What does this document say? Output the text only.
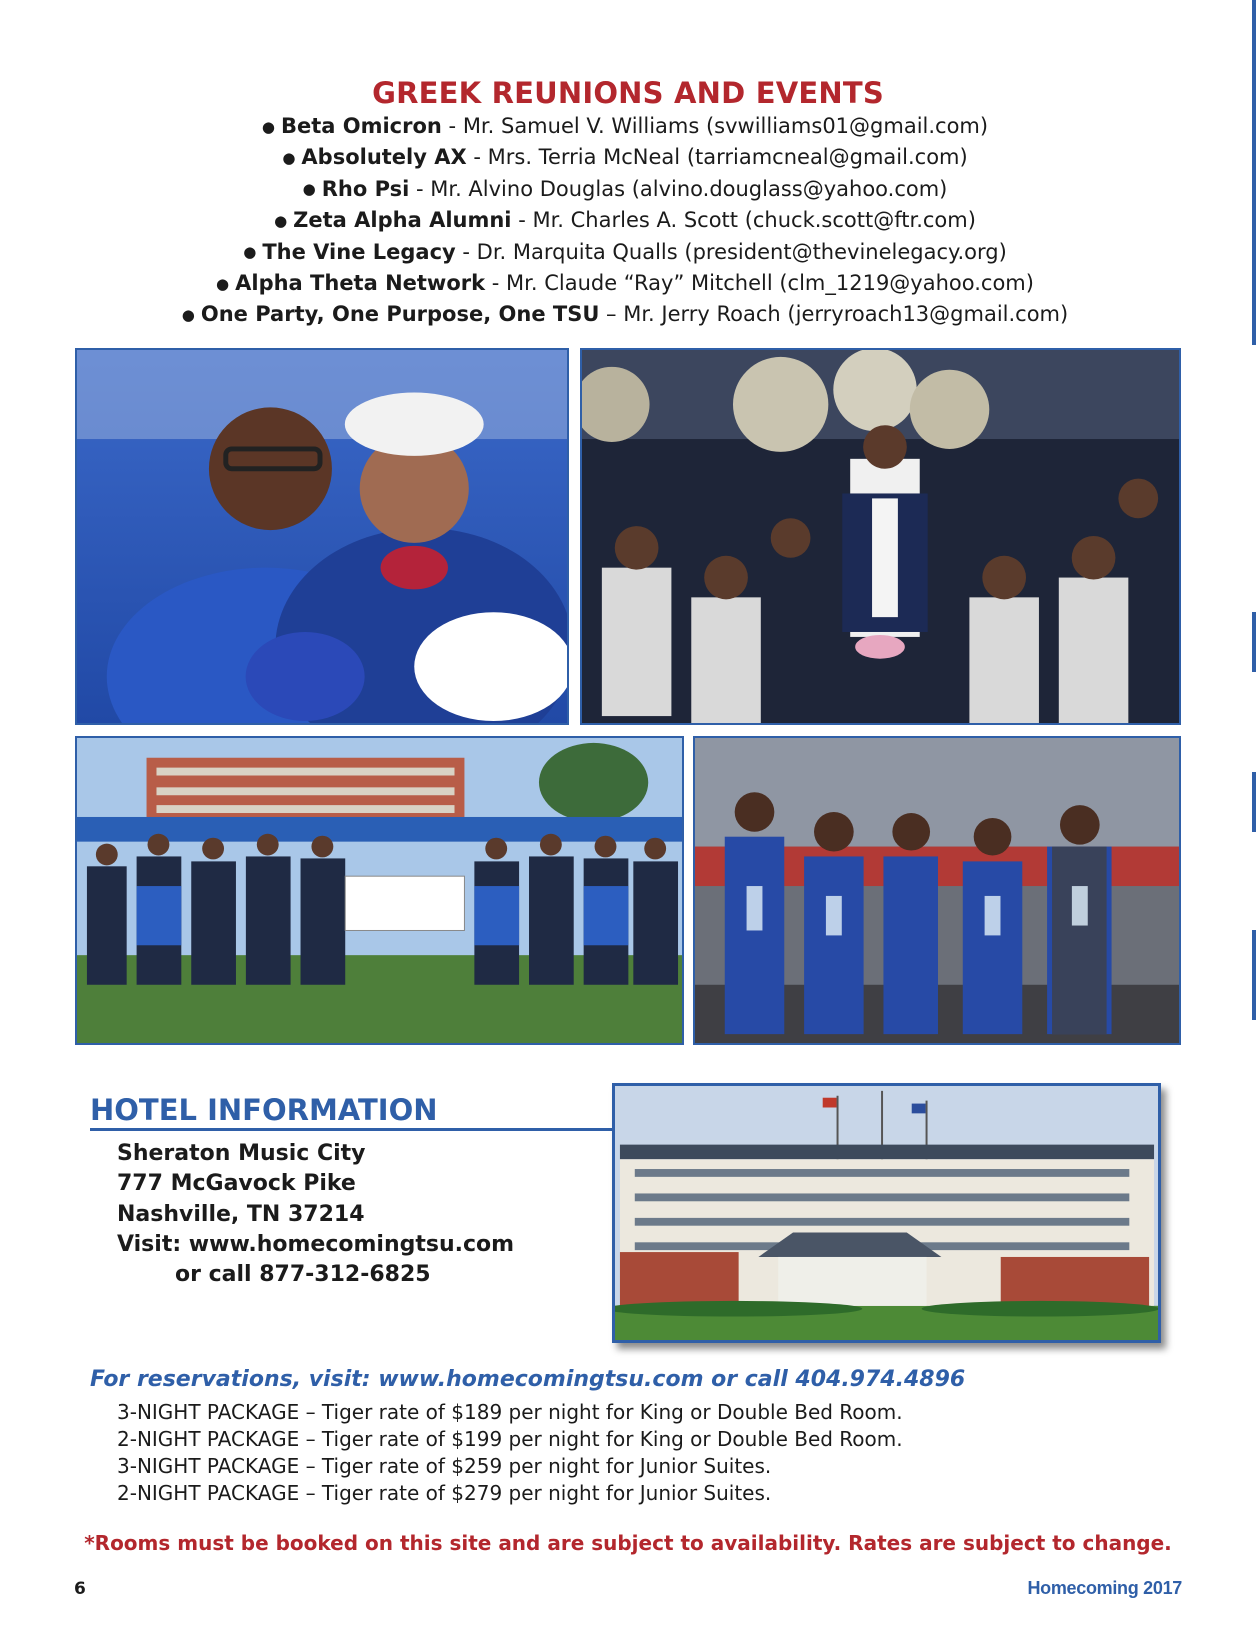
GREEK REUNIONS AND EVENTS
● Beta Omicron - Mr. Samuel V. Williams (svwilliams01@gmail.com)
● Absolutely AX - Mrs. Terria McNeal (tarriamcneal@gmail.com)
● Rho Psi - Mr. Alvino Douglas (alvino.douglass@yahoo.com)
● Zeta Alpha Alumni - Mr. Charles A. Scott (chuck.scott@ftr.com)
● The Vine Legacy - Dr. Marquita Qualls (president@thevinelegacy.org)
● Alpha Theta Network - Mr. Claude “Ray” Mitchell (clm_1219@yahoo.com)
● One Party, One Purpose, One TSU – Mr. Jerry Roach (jerryroach13@gmail.com)
HOTEL INFORMATION
Sheraton Music City
777 McGavock Pike
Nashville, TN 37214
Visit: www.homecomingtsu.com
or call 877-312-6825
For reservations, visit: www.homecomingtsu.com or call 404.974.4896
3-NIGHT PACKAGE – Tiger rate of $189 per night for King or Double Bed Room.
2-NIGHT PACKAGE – Tiger rate of $199 per night for King or Double Bed Room.
3-NIGHT PACKAGE – Tiger rate of $259 per night for Junior Suites.
2-NIGHT PACKAGE – Tiger rate of $279 per night for Junior Suites.
*Rooms must be booked on this site and are subject to availability. Rates are subject to change.
6	Homecoming 2017
